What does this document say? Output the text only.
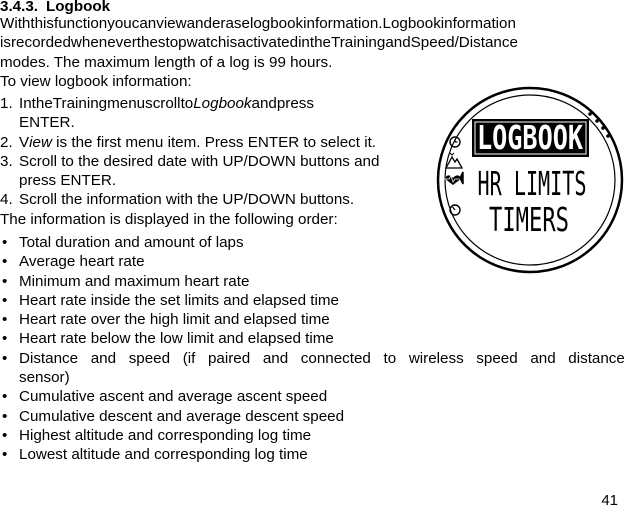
3.4.3. Logbook
Withthisfunctionyoucanviewanderaselogbookinformation.Logbookinformation
isrecordedwheneverthestopwatchisactivatedintheTrainingandSpeed/Distance
modes. The maximum length of a log is 99 hours.
To view logbook information:
1. IntheTrainingmenuscrolltoLogbookandpress
ENTER.
2. View is the first menu item. Press ENTER to select it.
3. Scroll to the desired date with UP/DOWN buttons and
press ENTER.
4. Scroll the information with the UP/DOWN buttons.
The information is displayed in the following order:
• Total duration and amount of laps
• Average heart rate
• Minimum and maximum heart rate
• Heart rate inside the set limits and elapsed time
• Heart rate over the high limit and elapsed time
• Heart rate below the low limit and elapsed time
• Distance and speed (if paired and connected to wireless speed and distance
sensor)
• Cumulative ascent and average ascent speed
• Cumulative descent and average descent speed
• Highest altitude and corresponding log time
• Lowest altitude and corresponding log time
LOGBOOK
HR LIMITS
TIMERS
41
